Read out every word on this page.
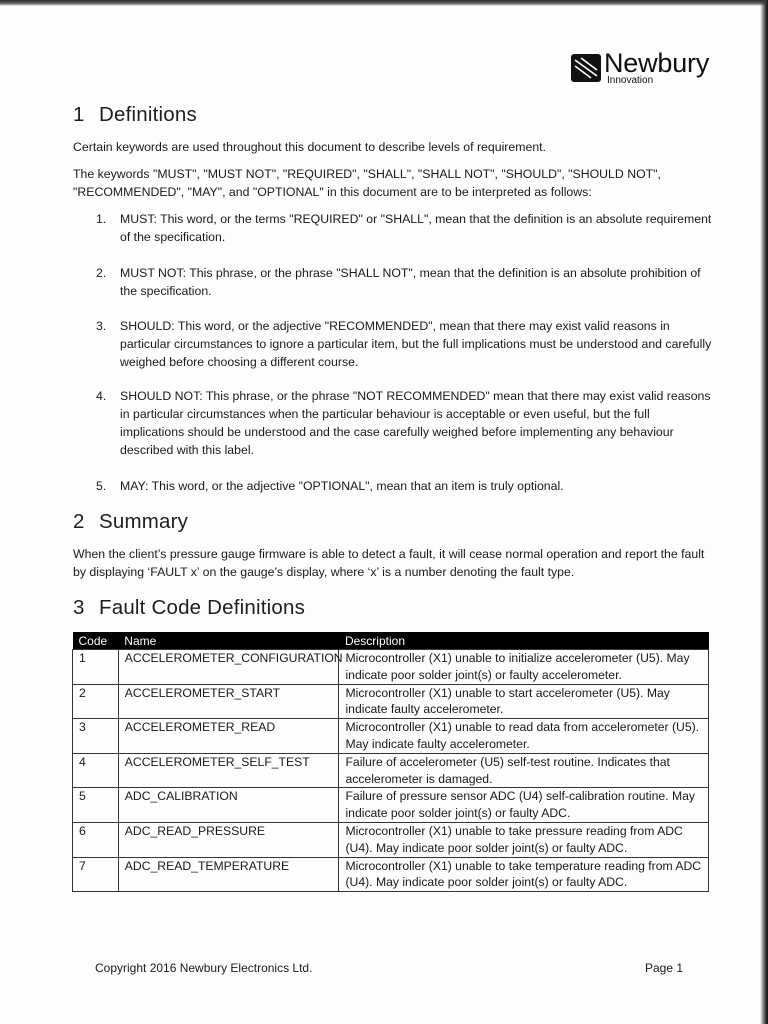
Newbury
Innovation
1 Definitions

Certain keywords are used throughout this document to describe levels of requirement.

The keywords "MUST", "MUST NOT", "REQUIRED", "SHALL", "SHALL NOT", "SHOULD", "SHOULD NOT",

"RECOMMENDED", "MAY", and "OPTIONAL" in this document are to be interpreted as follows:

1.	MUST: This word, or the terms "REQUIRED" or "SHALL", mean that the definition is an absolute requirement of the specification.
2.	MUST NOT: This phrase, or the phrase "SHALL NOT", mean that the definition is an absolute prohibition of the specification.
3.	SHOULD: This word, or the adjective "RECOMMENDED", mean that there may exist valid reasons in particular circumstances to ignore a particular item, but the full implications must be understood and carefully weighed before choosing a different course.
4.	SHOULD NOT: This phrase, or the phrase "NOT RECOMMENDED" mean that there may exist valid reasons in particular circumstances when the particular behaviour is acceptable or even useful, but the full implications should be understood and the case carefully weighed before implementing any behaviour described with this label.
5.	MAY: This word, or the adjective "OPTIONAL", mean that an item is truly optional.
2 Summary

When the client’s pressure gauge firmware is able to detect a fault, it will cease normal operation and report the fault by displaying ‘FAULT x’ on the gauge’s display, where ‘x’ is a number denoting the fault type.

3 Fault Code Definitions
Code	Name	Description
1	ACCELEROMETER_CONFIGURATION	Microcontroller (X1) unable to initialize accelerometer (U5). May indicate poor solder joint(s) or faulty accelerometer.
2	ACCELEROMETER_START	Microcontroller (X1) unable to start accelerometer (U5). May indicate faulty accelerometer.
3	ACCELEROMETER_READ	Microcontroller (X1) unable to read data from accelerometer (U5). May indicate faulty accelerometer.
4	ACCELEROMETER_SELF_TEST	Failure of accelerometer (U5) self-test routine. Indicates that accelerometer is damaged.
5	ADC_CALIBRATION	Failure of pressure sensor ADC (U4) self-calibration routine. May indicate poor solder joint(s) or faulty ADC.
6	ADC_READ_PRESSURE	Microcontroller (X1) unable to take pressure reading from ADC (U4). May indicate poor solder joint(s) or faulty ADC.
7	ADC_READ_TEMPERATURE	Microcontroller (X1) unable to take temperature reading from ADC (U4). May indicate poor solder joint(s) or faulty ADC.
Copyright 2016 Newbury Electronics Ltd.	Page 1
